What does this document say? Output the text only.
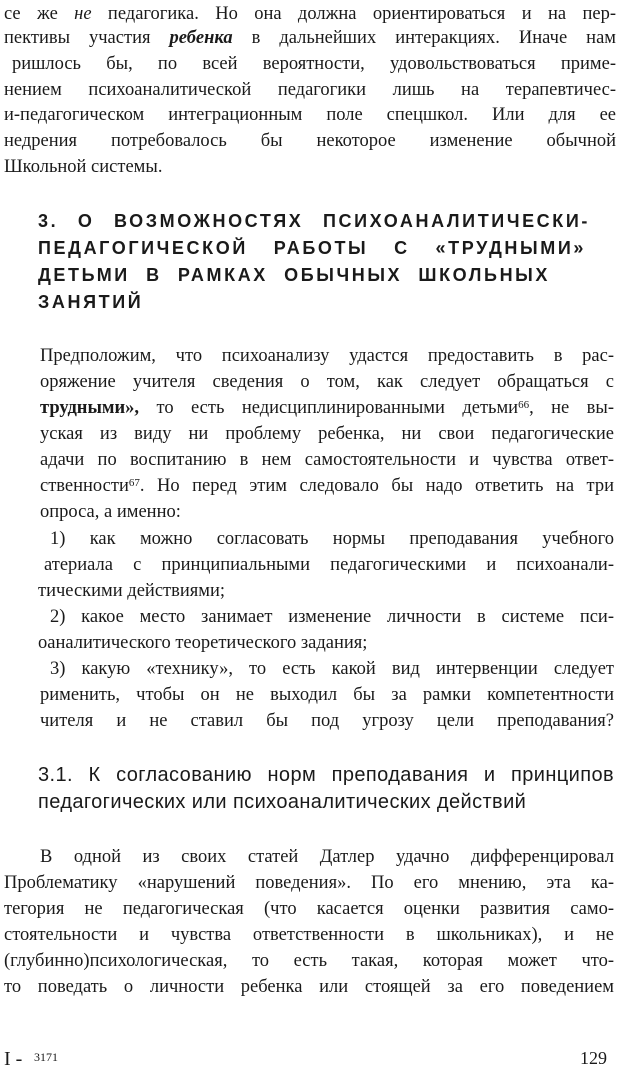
се же не педагогика. Но она должна ориентироваться и на пер-

пективы участия ребенка в дальнейших интеракциях. Иначе нам

ришлось бы, по всей вероятности, удовольствоваться приме-

нением психоаналитической педагогики лишь на терапевтичес-

и-педагогическом интеграционным поле спецшкол. Или для ее

недрения потребовалось бы некоторое изменение обычной

Школьной системы.

3. О ВОЗМОЖНОСТЯХ ПСИХОАНАЛИТИЧЕСКИ-

ПЕДАГОГИЧЕСКОЙ РАБОТЫ С «ТРУДНЫМИ»

ДЕТЬМИ В РАМКАХ ОБЫЧНЫХ ШКОЛЬНЫХ

ЗАНЯТИЙ

Предположим, что психоанализу удастся предоставить в рас-

оряжение учителя сведения о том, как следует обращаться с

трудными», то есть недисциплинированными детьми$^{66}$, не вы-

уская из виду ни проблему ребенка, ни свои педагогические

адачи по воспитанию в нем самостоятельности и чувства ответ-

ственности$^{67}$. Но перед этим следовало бы надо ответить на три

опроса, а именно:

1) как можно согласовать нормы преподавания учебного

атериала с принципиальными педагогическими и психоанали-

тическими действиями;

2) какое место занимает изменение личности в системе пси-

оаналитического теоретического задания;

3) какую «технику», то есть какой вид интервенции следует

рименить, чтобы он не выходил бы за рамки компетентности

чителя и не ставил бы под угрозу цели преподавания?

3.1. К согласованию норм преподавания и принципов

педагогических или психоаналитических действий

В одной из своих статей Датлер удачно дифференцировал

Проблематику «нарушений поведения». По его мнению, эта ка-

тегория не педагогическая (что касается оценки развития само-

стоятельности и чувства ответственности в школьниках), и не

(глубинно)психологическая, то есть такая, которая может что-

то поведать о личности ребенка или стоящей за его поведением

I - 3171	129
